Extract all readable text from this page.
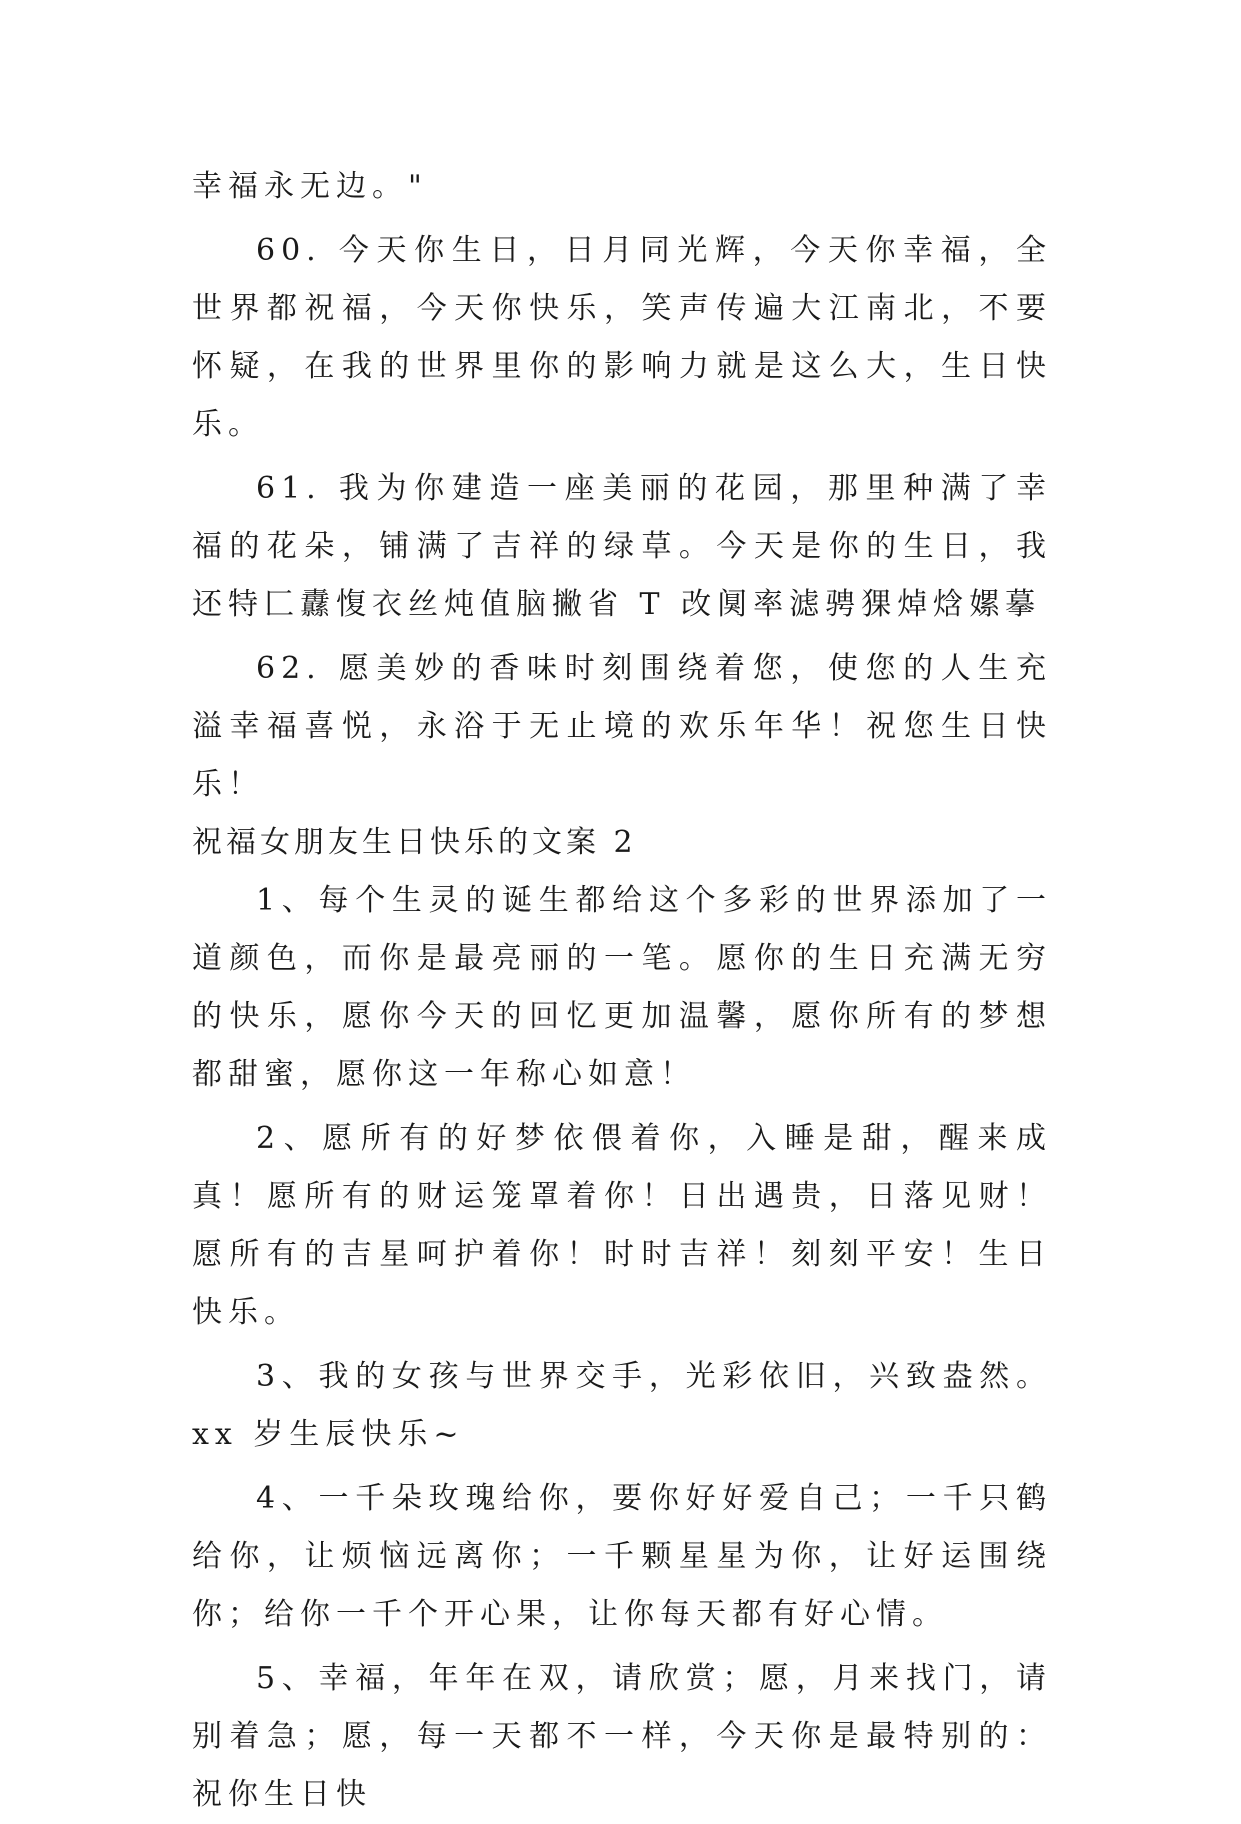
幸福永无边。"

60. 今天你生日，日月同光辉，今天你幸福，全世界都祝福，今天你快乐，笑声传遍大江南北，不要怀疑，在我的世界里你的影响力就是这么大，生日快乐。

61. 我为你建造一座美丽的花园，那里种满了幸福的花朵，铺满了吉祥的绿草。今天是你的生日，我还特匚纛愎衣丝炖值脑撇省 T 改阒率滤骋猓焯焓嫘摹

62. 愿美妙的香味时刻围绕着您，使您的人生充溢幸福喜悦，永浴于无止境的欢乐年华！祝您生日快乐！

祝福女朋友生日快乐的文案 2

1、每个生灵的诞生都给这个多彩的世界添加了一道颜色，而你是最亮丽的一笔。愿你的生日充满无穷的快乐，愿你今天的回忆更加温馨，愿你所有的梦想都甜蜜，愿你这一年称心如意！

2、愿所有的好梦依偎着你，入睡是甜，醒来成真！愿所有的财运笼罩着你！日出遇贵，日落见财！愿所有的吉星呵护着你！时时吉祥！刻刻平安！生日快乐。

3、我的女孩与世界交手，光彩依旧，兴致盎然。xx 岁生辰快乐~

4、一千朵玫瑰给你，要你好好爱自己；一千只鹤给你，让烦恼远离你；一千颗星星为你，让好运围绕你；给你一千个开心果，让你每天都有好心情。

5、幸福，年年在双，请欣赏；愿，月来找门，请别着急；愿，每一天都不一样，今天你是最特别的：祝你生日快
